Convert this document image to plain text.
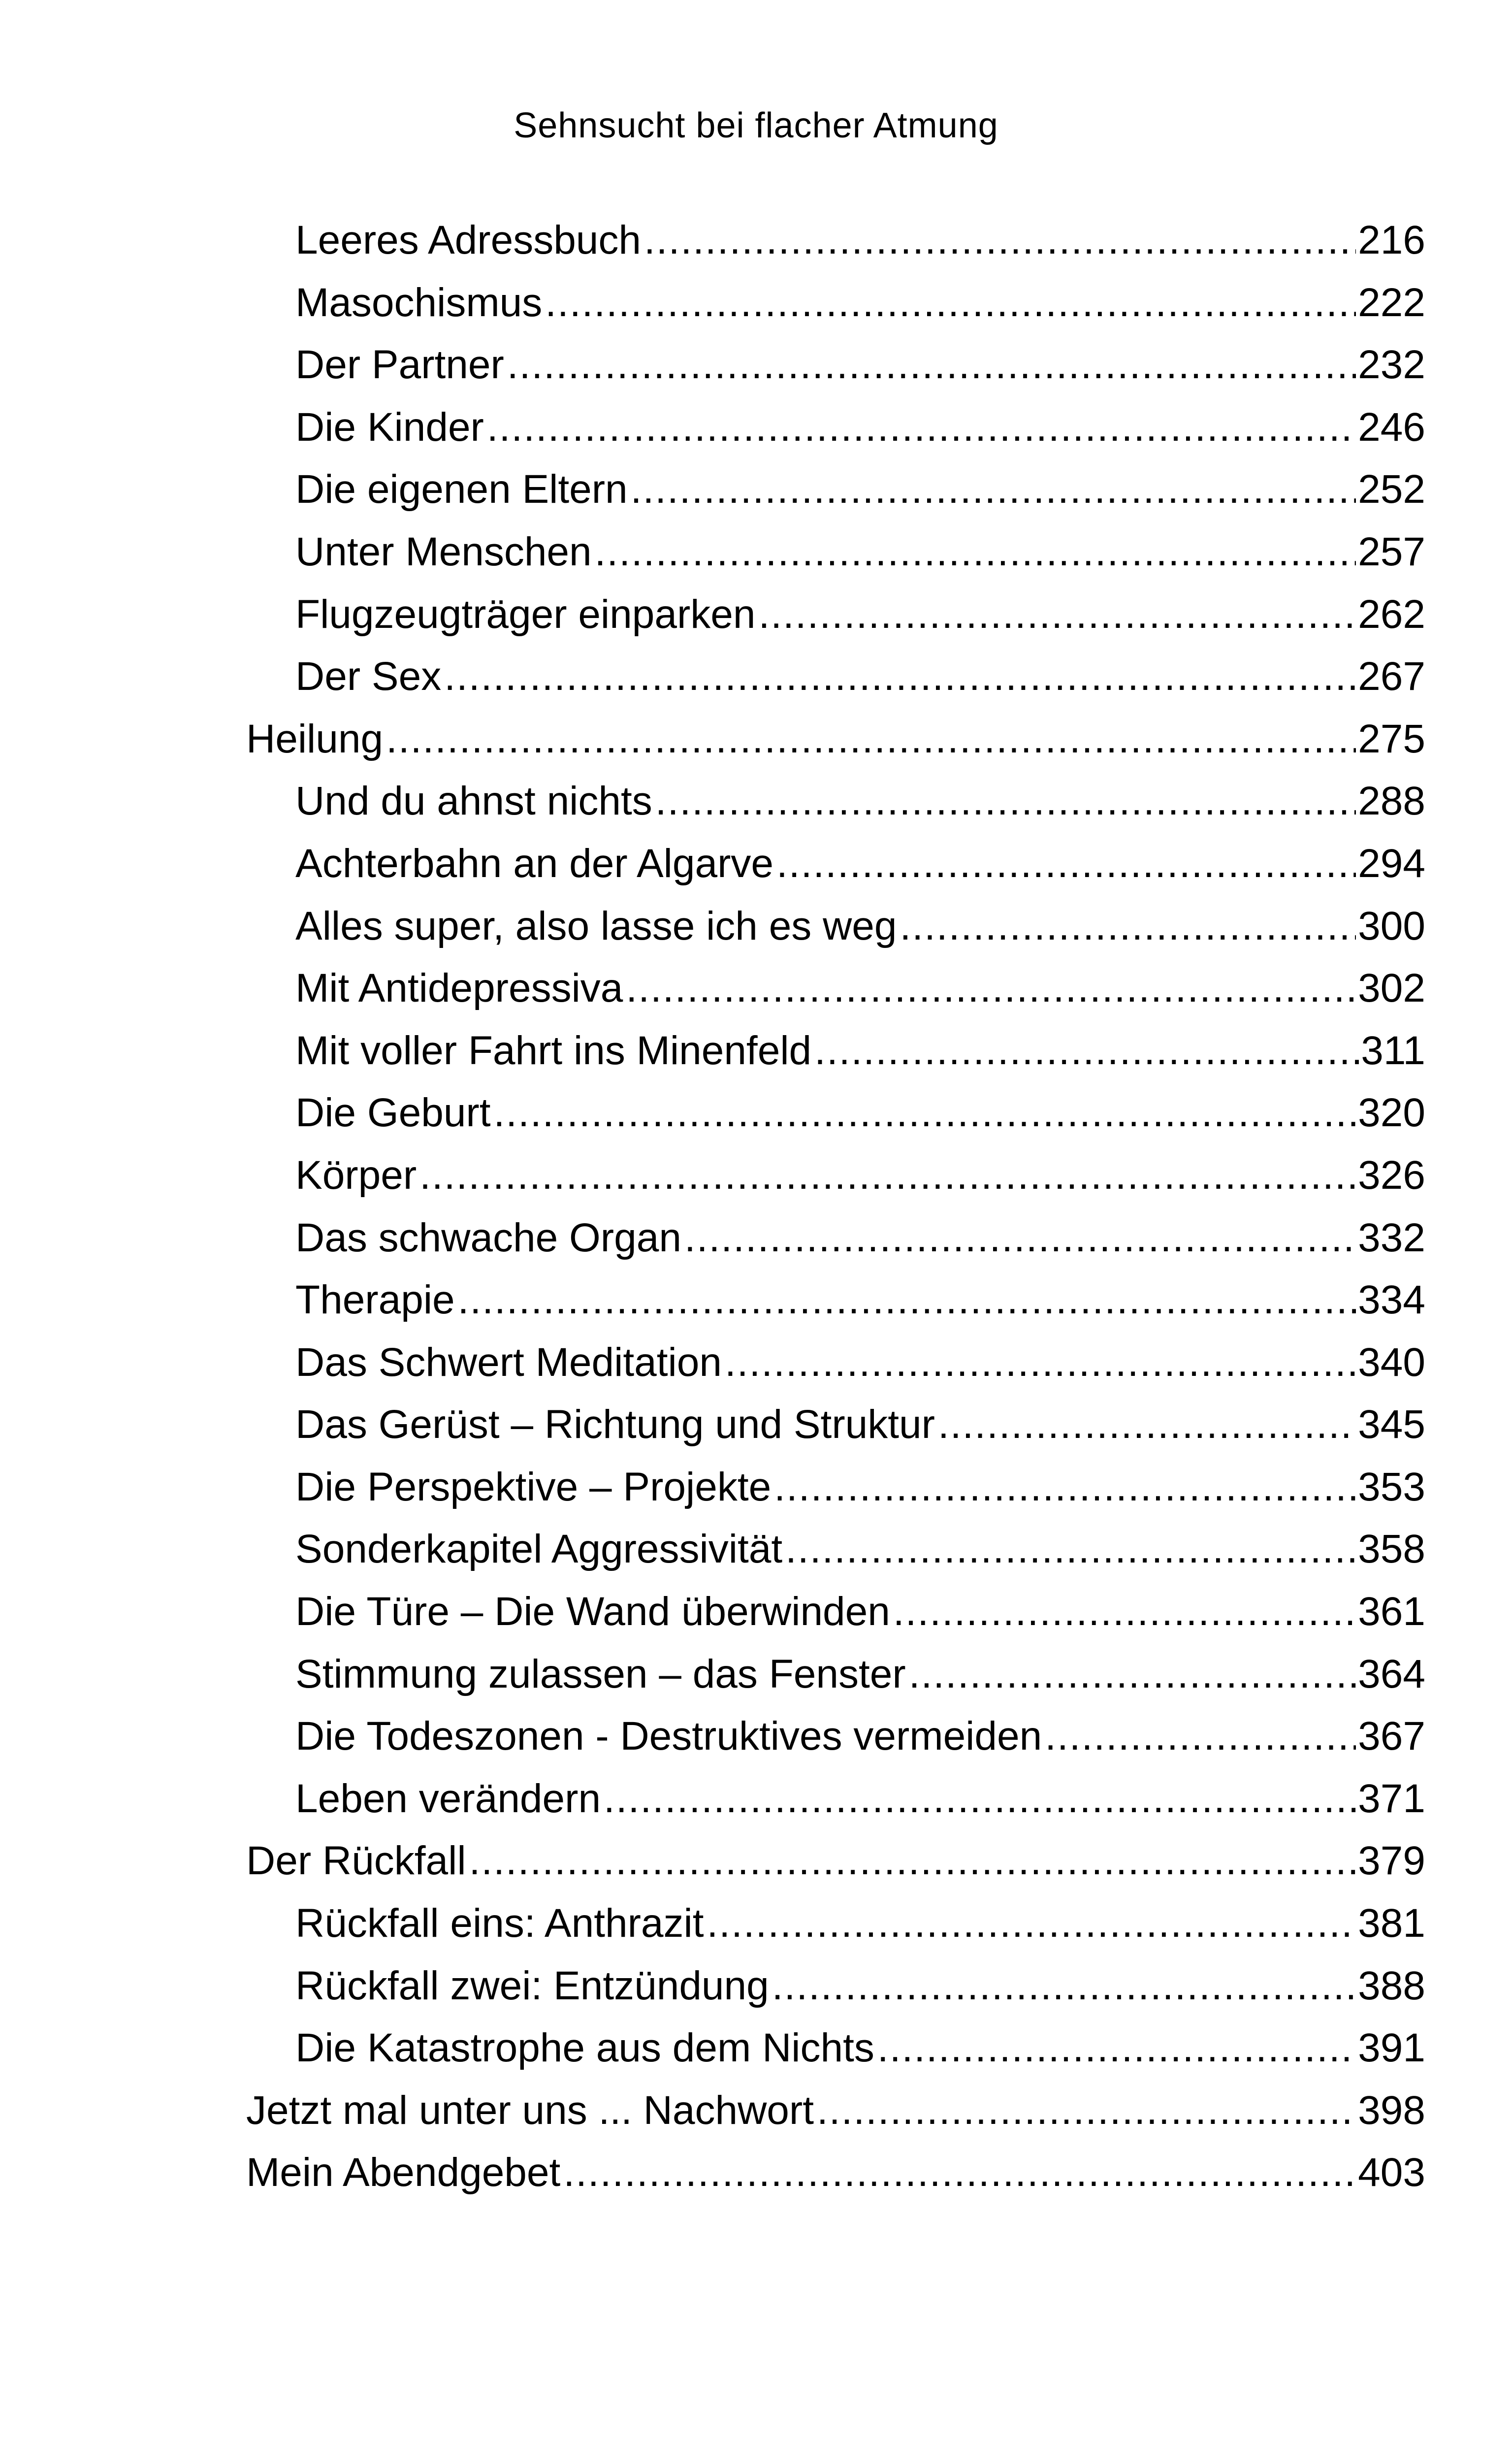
Sehnsucht bei flacher Atmung
Leeres Adressbuch .....	216
Masochismus .....	222
Der Partner .....	232
Die Kinder .....	246
Die eigenen Eltern .....	252
Unter Menschen .....	257
Flugzeugträger einparken .....	262
Der Sex .....	267
Heilung .....	275
Und du ahnst nichts .....	288
Achterbahn an der Algarve .....	294
Alles super, also lasse ich es weg .....	300
Mit Antidepressiva .....	302
Mit voller Fahrt ins Minenfeld .....	311
Die Geburt .....	320
Körper .....	326
Das schwache Organ .....	332
Therapie .....	334
Das Schwert Meditation .....	340
Das Gerüst – Richtung und Struktur .....	345
Die Perspektive – Projekte .....	353
Sonderkapitel Aggressivität .....	358
Die Türe – Die Wand überwinden .....	361
Stimmung zulassen – das Fenster .....	364
Die Todeszonen - Destruktives vermeiden .....	367
Leben verändern .....	371
Der Rückfall .....	379
Rückfall eins: Anthrazit .....	381
Rückfall zwei: Entzündung .....	388
Die Katastrophe aus dem Nichts .....	391
Jetzt mal unter uns ... Nachwort .....	398
Mein Abendgebet .....	403
